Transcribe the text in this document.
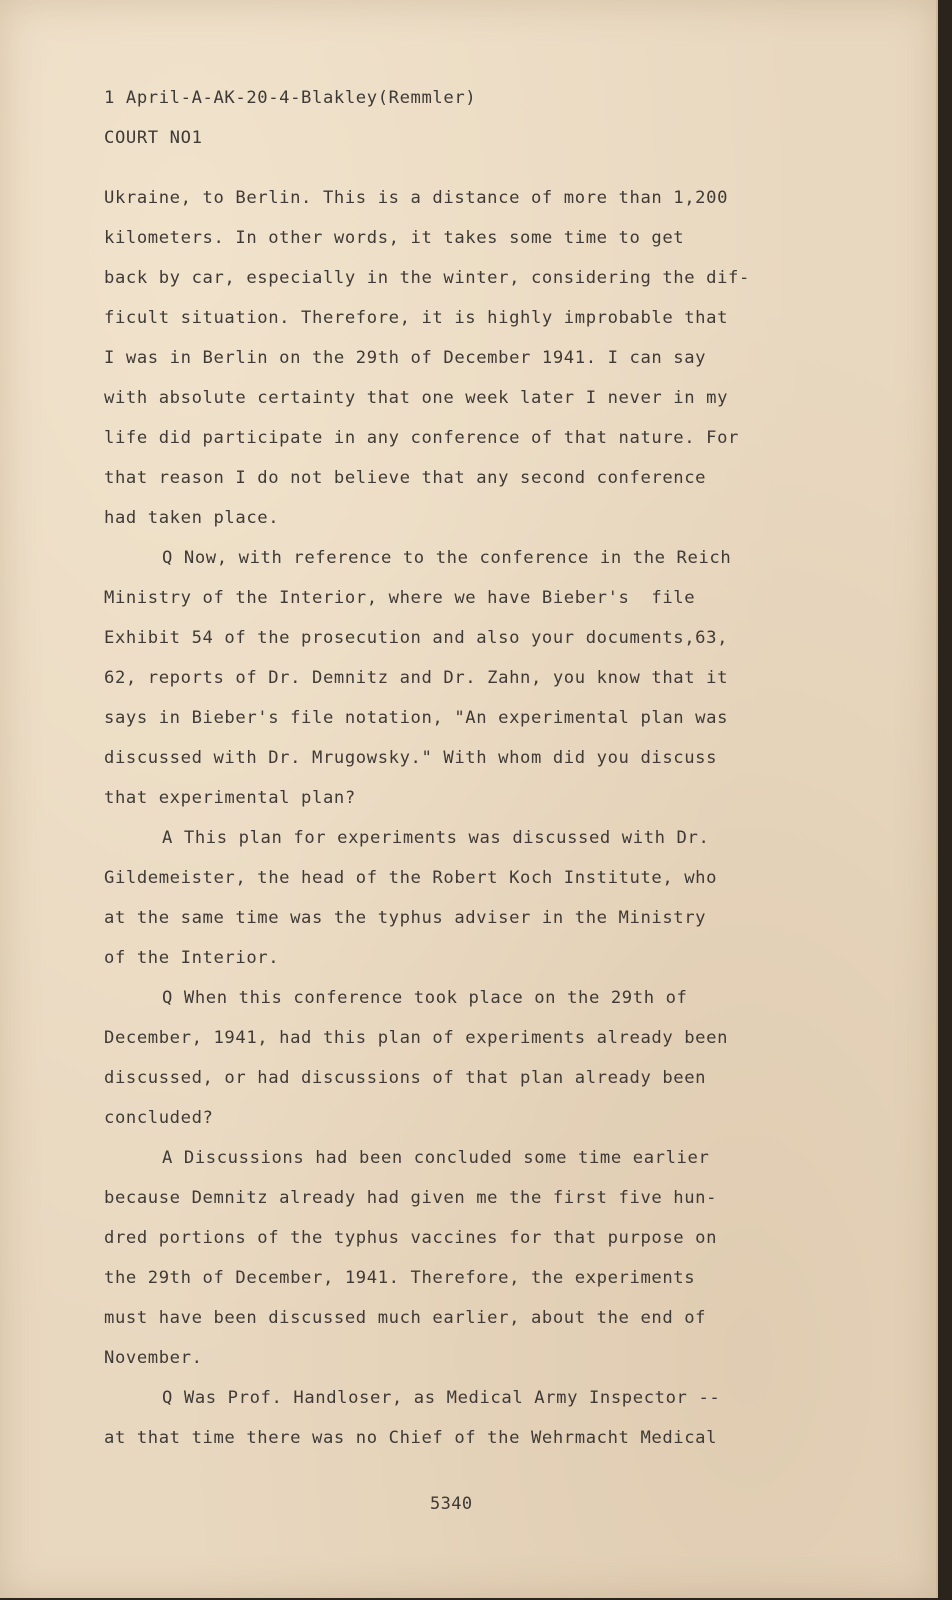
1 April-A-AK-20-4-Blakley(Remmler)
COURT NO1
Ukraine, to Berlin. This is a distance of more than 1,200
kilometers. In other words, it takes some time to get
back by car, especially in the winter, considering the dif-
ficult situation. Therefore, it is highly improbable that
I was in Berlin on the 29th of December 1941. I can say
with absolute certainty that one week later I never in my
life did participate in any conference of that nature. For
that reason I do not believe that any second conference
had taken place.
Q Now, with reference to the conference in the Reich
Ministry of the Interior, where we have Bieber's  file
Exhibit 54 of the prosecution and also your documents,63,
62, reports of Dr. Demnitz and Dr. Zahn, you know that it
says in Bieber's file notation, "An experimental plan was
discussed with Dr. Mrugowsky." With whom did you discuss
that experimental plan?
A This plan for experiments was discussed with Dr.
Gildemeister, the head of the Robert Koch Institute, who
at the same time was the typhus adviser in the Ministry
of the Interior.
Q When this conference took place on the 29th of
December, 1941, had this plan of experiments already been
discussed, or had discussions of that plan already been
concluded?
A Discussions had been concluded some time earlier
because Demnitz already had given me the first five hun-
dred portions of the typhus vaccines for that purpose on
the 29th of December, 1941. Therefore, the experiments
must have been discussed much earlier, about the end of
November.
Q Was Prof. Handloser, as Medical Army Inspector --
at that time there was no Chief of the Wehrmacht Medical
5340
